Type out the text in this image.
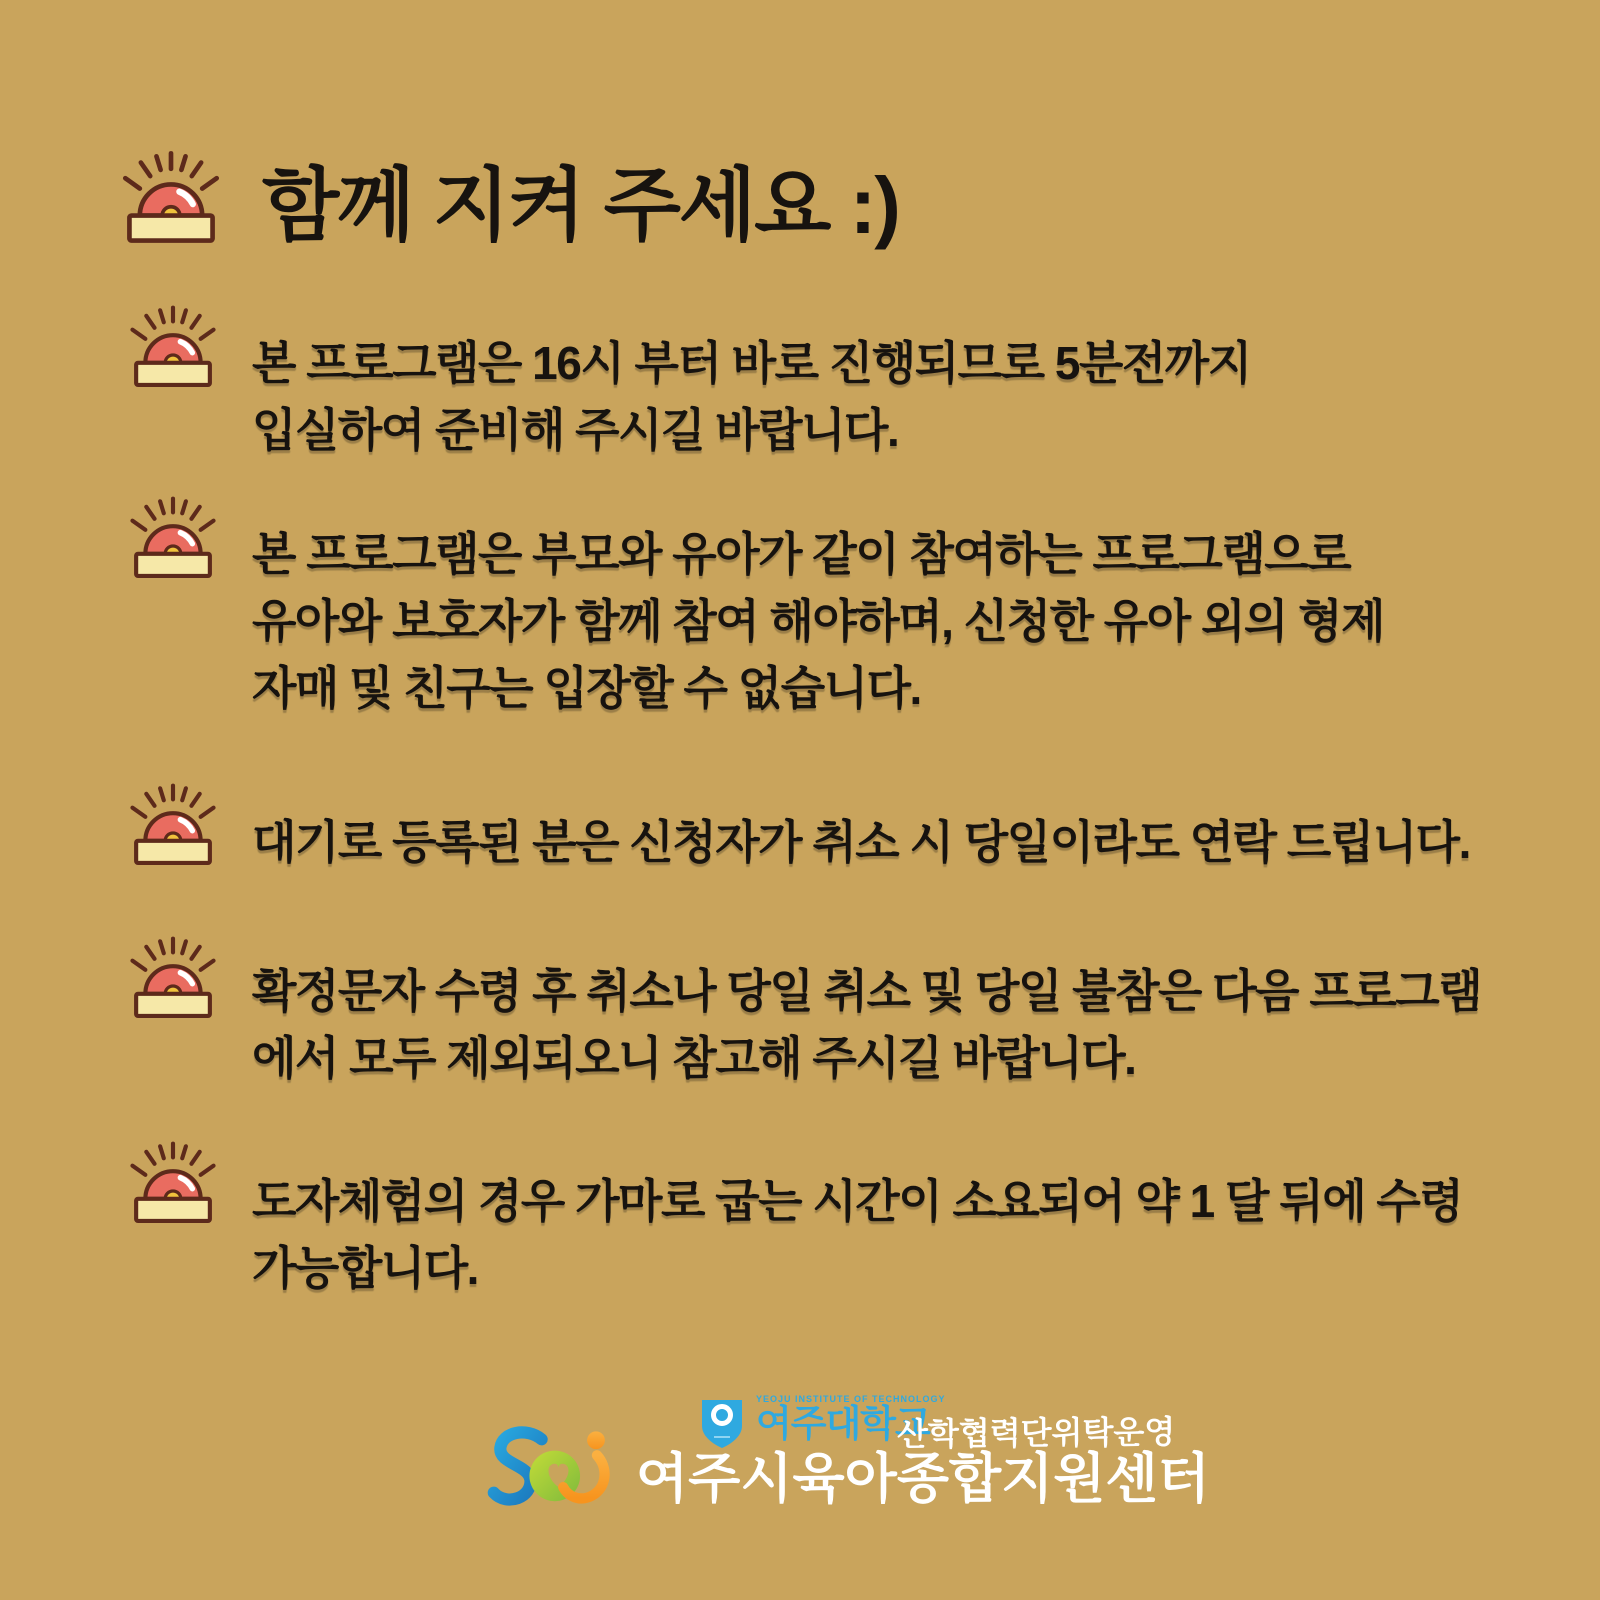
함께 지켜 주세요 :)
본 프로그램은 16시 부터 바로 진행되므로 5분전까지
입실하여 준비해 주시길 바랍니다.
본 프로그램은 부모와 유아가 같이 참여하는 프로그램으로
유아와 보호자가 함께 참여 해야하며, 신청한 유아 외의 형제
자매 및 친구는 입장할 수 없습니다.
대기로 등록된 분은 신청자가 취소 시 당일이라도 연락 드립니다.
확정문자 수령 후 취소나 당일 취소 및 당일 불참은 다음 프로그램
에서 모두 제외되오니 참고해 주시길 바랍니다.
도자체험의 경우 가마로 굽는 시간이 소요되어 약 1 달 뒤에 수령
가능합니다.
YEOJU INSTITUTE OF TECHNOLOGY
여주대학교
산학협력단위탁운영
여주시육아종합지원센터
